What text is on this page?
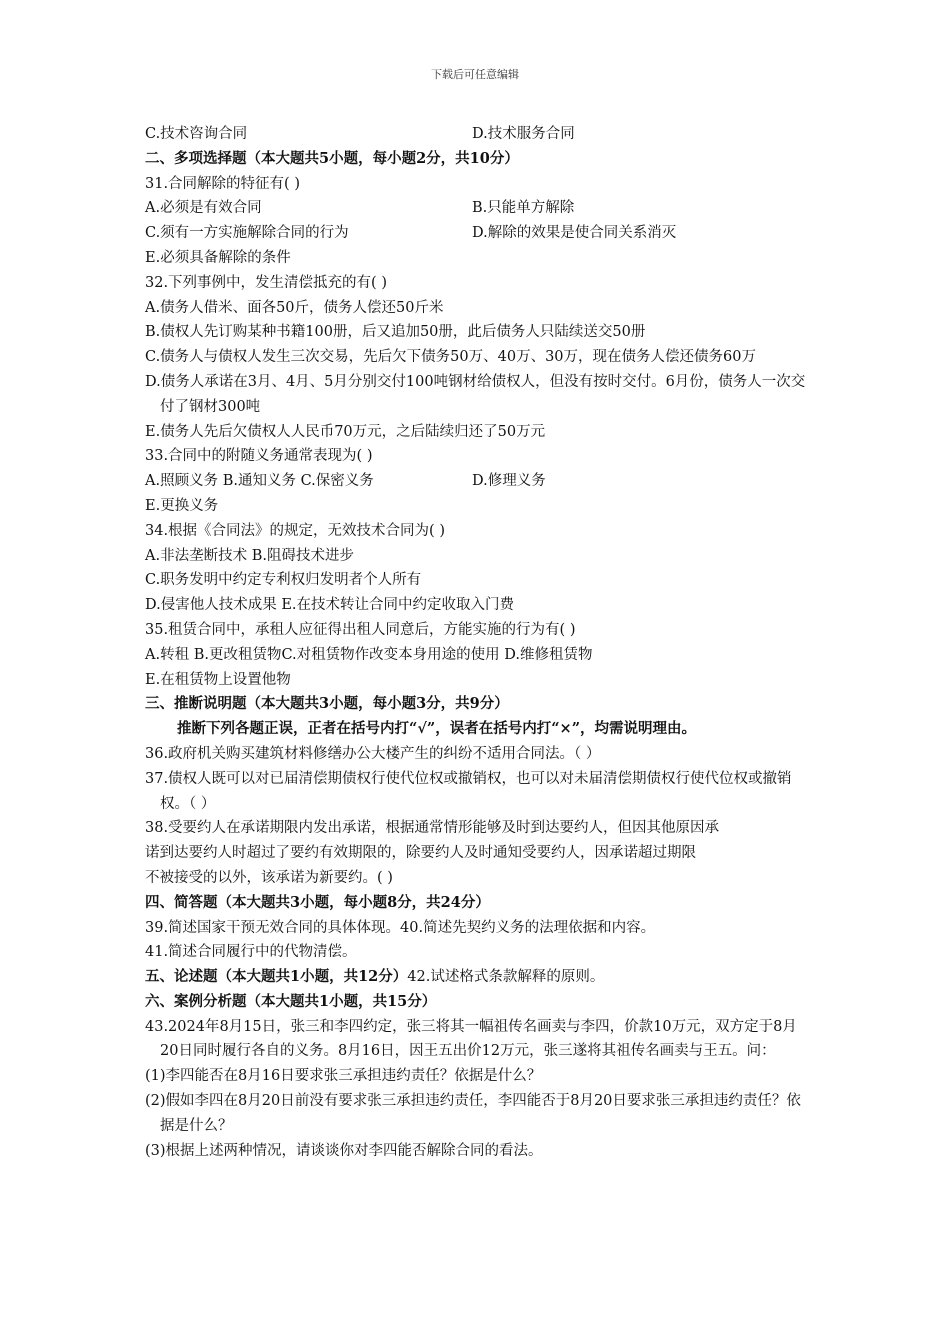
下载后可任意编辑
C.技术咨询合同	D.技术服务合同
二、多项选择题（本大题共5小题，每小题2分，共10分）
31.合同解除的特征有( )
A.必须是有效合同	B.只能单方解除
C.须有一方实施解除合同的行为	D.解除的效果是使合同关系消灭
E.必须具备解除的条件
32.下列事例中，发生清偿抵充的有( )
A.债务人借米、面各50斤，债务人偿还50斤米
B.债权人先订购某种书籍100册，后又追加50册，此后债务人只陆续送交50册
C.债务人与债权人发生三次交易，先后欠下债务50万、40万、30万，现在债务人偿还债务60万
D.债务人承诺在3月、4月、5月分别交付100吨钢材给债权人，但没有按时交付。6月份，债务人一次交付了钢材300吨
E.债务人先后欠债权人人民币70万元，之后陆续归还了50万元
33.合同中的附随义务通常表现为( )
A.照顾义务 B.通知义务 C.保密义务	D.修理义务
E.更换义务
34.根据《合同法》的规定，无效技术合同为( )
A.非法垄断技术 B.阻碍技术进步
C.职务发明中约定专利权归发明者个人所有
D.侵害他人技术成果 E.在技术转让合同中约定收取入门费
35.租赁合同中，承租人应征得出租人同意后，方能实施的行为有( )
A.转租 B.更改租赁物C.对租赁物作改变本身用途的使用 D.维修租赁物
E.在租赁物上设置他物
三、推断说明题（本大题共3小题，每小题3分，共9分）
推断下列各题正误，正者在括号内打“√”，误者在括号内打“×”，均需说明理由。
36.政府机关购买建筑材料修缮办公大楼产生的纠纷不适用合同法。（ ）
37.债权人既可以对已届清偿期债权行使代位权或撤销权，也可以对未届清偿期债权行使代位权或撤销权。（ ）
38.受要约人在承诺期限内发出承诺，根据通常情形能够及时到达要约人，但因其他原因承
诺到达要约人时超过了要约有效期限的，除要约人及时通知受要约人，因承诺超过期限
不被接受的以外，该承诺为新要约。( )
四、简答题（本大题共3小题，每小题8分，共24分）
39.简述国家干预无效合同的具体体现。40.简述先契约义务的法理依据和内容。
41.简述合同履行中的代物清偿。
五、论述题（本大题共1小题，共12分）42.试述格式条款解释的原则。
六、案例分析题（本大题共1小题，共15分）
43.2024年8月15日，张三和李四约定，张三将其一幅祖传名画卖与李四，价款10万元，双方定于8月20日同时履行各自的义务。8月16日，因王五出价12万元，张三遂将其祖传名画卖与王五。问：
(1)李四能否在8月16日要求张三承担违约责任？依据是什么？
(2)假如李四在8月20日前没有要求张三承担违约责任，李四能否于8月20日要求张三承担违约责任？依据是什么？
(3)根据上述两种情况，请谈谈你对李四能否解除合同的看法。
